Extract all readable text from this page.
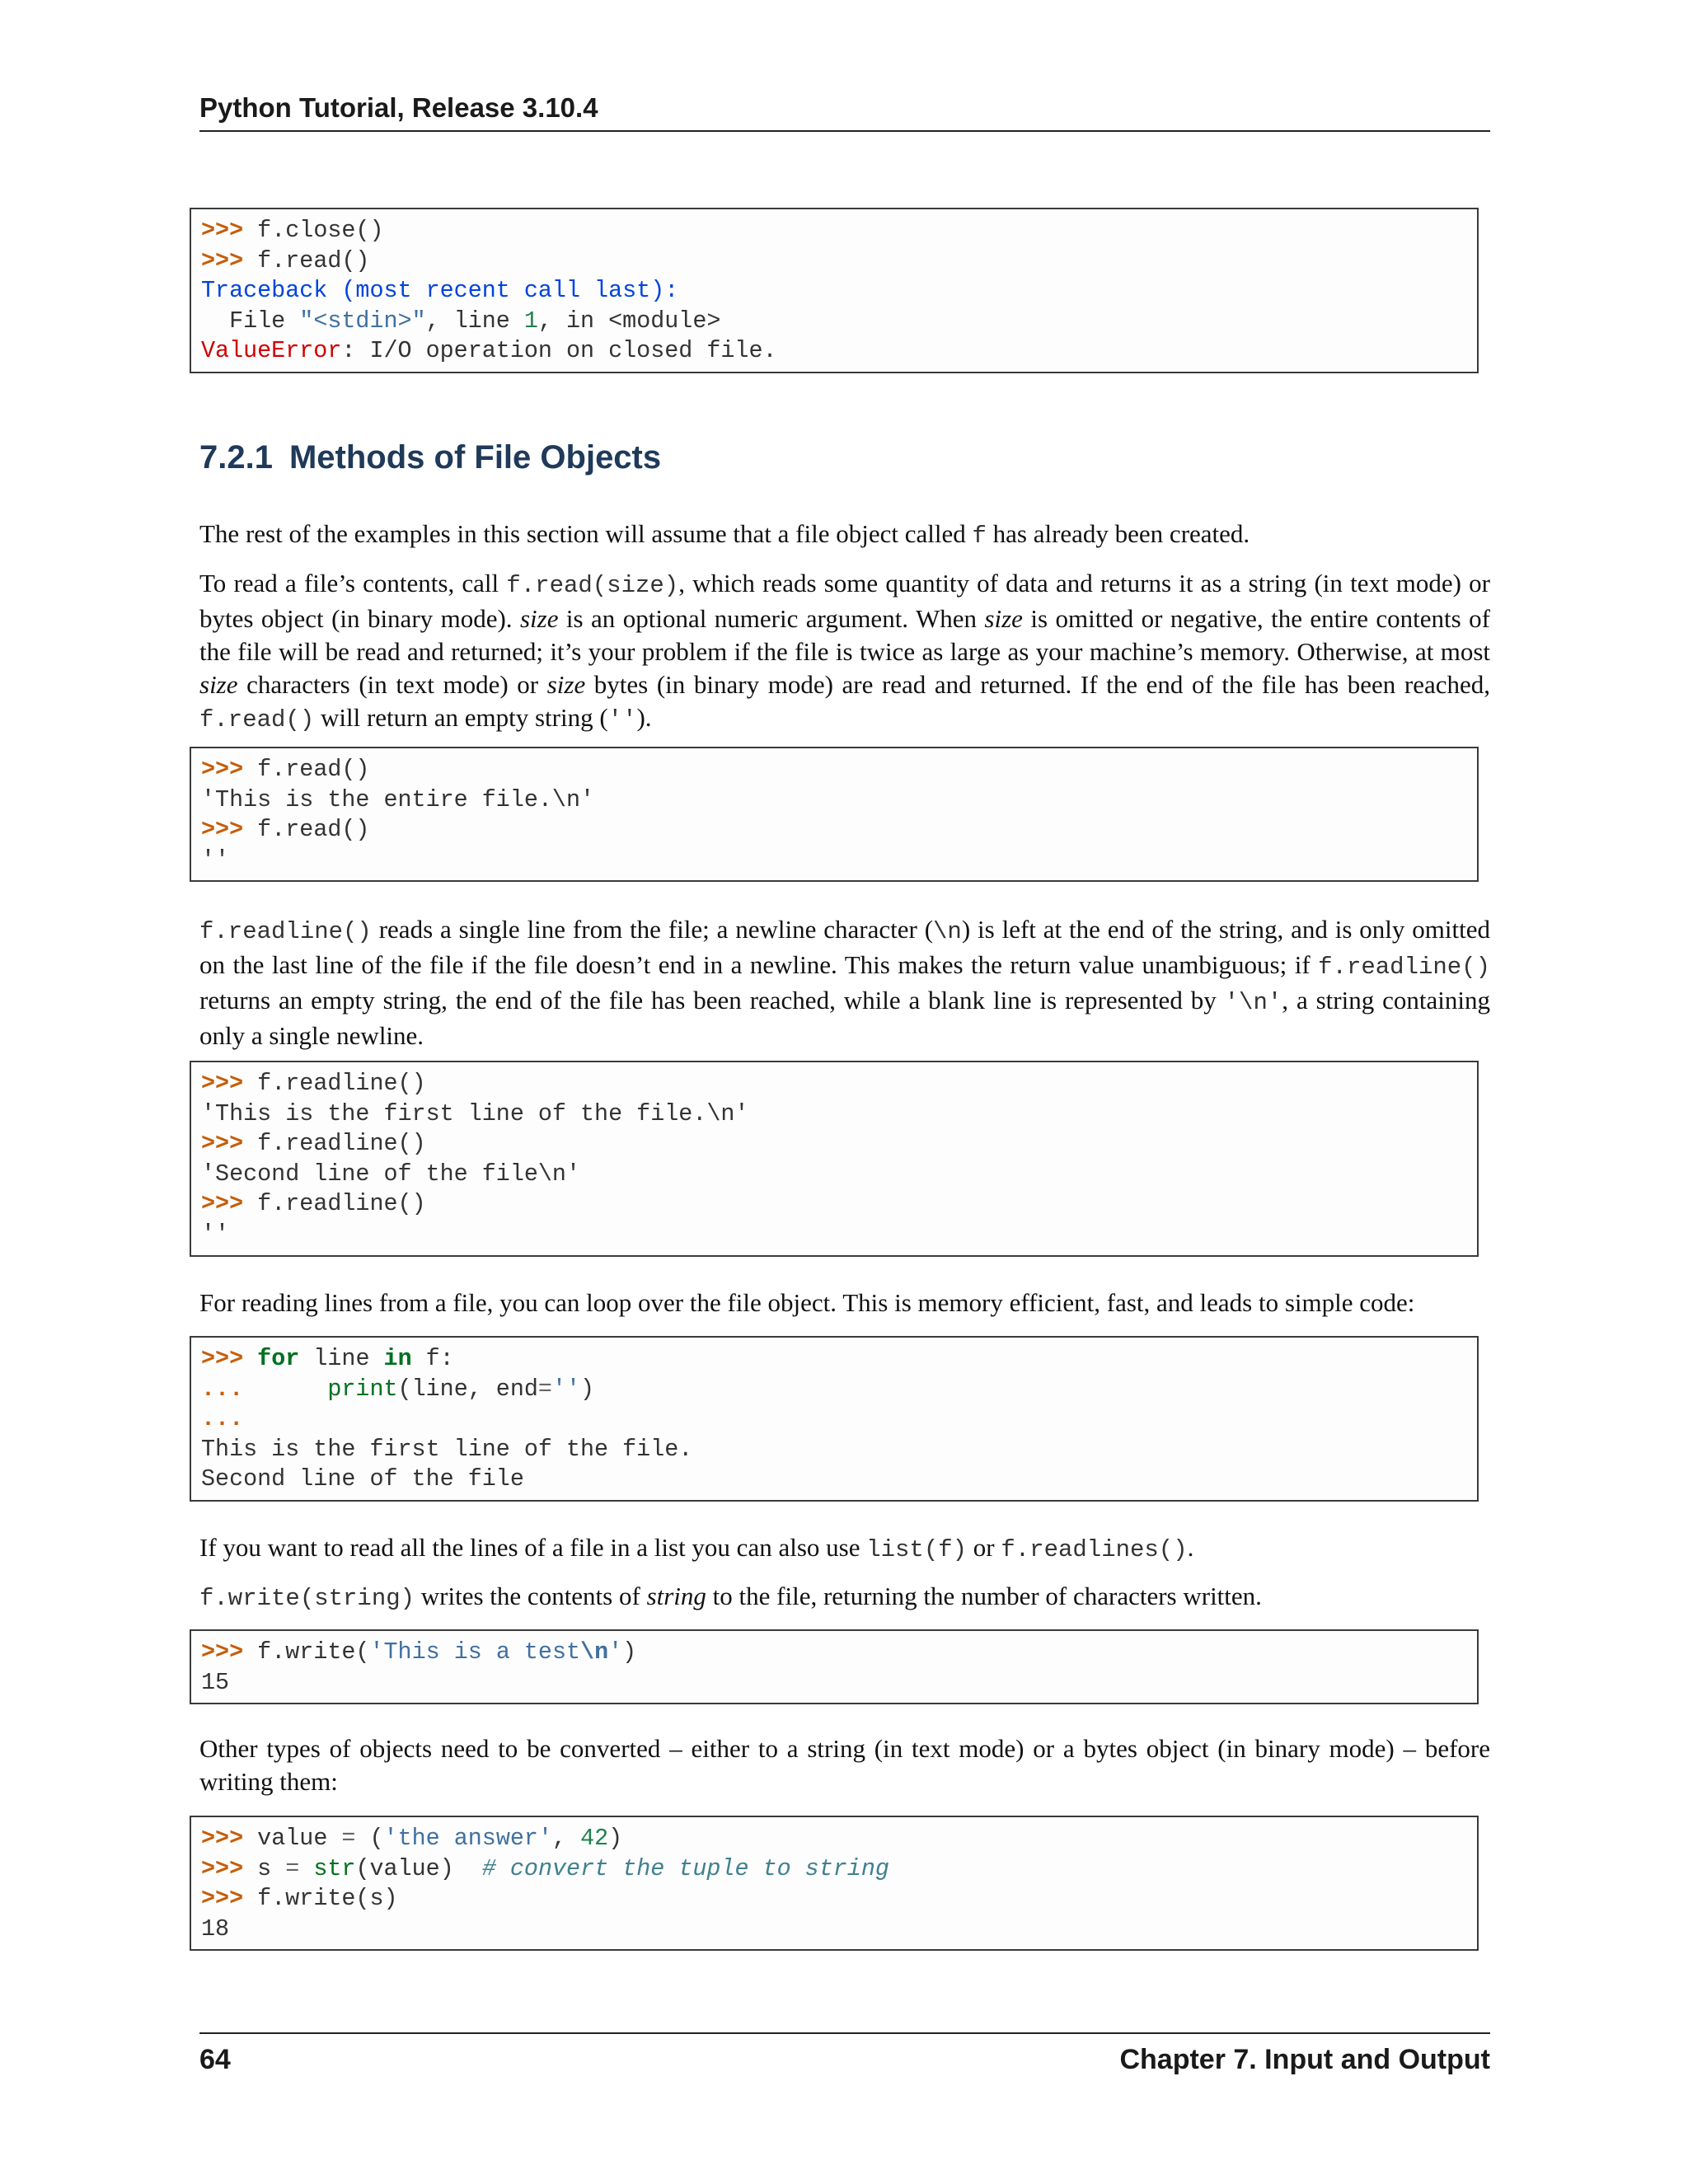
Python Tutorial, Release 3.10.4
>>> f.close()
>>> f.read()
Traceback (most recent call last):
File "<stdin>", line 1, in <module>
ValueError: I/O operation on closed file.
7.2.1 Methods of File Objects
The rest of the examples in this section will assume that a file object called f has already been created.
To read a file’s contents, call f.read(size), which reads some quantity of data and returns it as a string (in text mode) or bytes object (in binary mode). size is an optional numeric argument. When size is omitted or negative, the entire contents of the file will be read and returned; it’s your problem if the file is twice as large as your machine’s memory. Otherwise, at most size characters (in text mode) or size bytes (in binary mode) are read and returned. If the end of the file has been reached, f.read() will return an empty string ('').
>>> f.read()
'This is the entire file.\n'
>>> f.read()
''
f.readline() reads a single line from the file; a newline character (\n) is left at the end of the string, and is only omitted on the last line of the file if the file doesn’t end in a newline. This makes the return value unambiguous; if f.readline() returns an empty string, the end of the file has been reached, while a blank line is represented by '\n', a string containing only a single newline.
>>> f.readline()
'This is the first line of the file.\n'
>>> f.readline()
'Second line of the file\n'
>>> f.readline()
''
For reading lines from a file, you can loop over the file object. This is memory efficient, fast, and leads to simple code:
>>> for line in f:
...	print(line, end='')
...
This is the first line of the file.
Second line of the file
If you want to read all the lines of a file in a list you can also use list(f) or f.readlines().
f.write(string) writes the contents of string to the file, returning the number of characters written.
>>> f.write('This is a test\n')
15
Other types of objects need to be converted – either to a string (in text mode) or a bytes object (in binary mode) – before writing them:
>>> value = ('the answer', 42)
>>> s = str(value)  # convert the tuple to string
>>> f.write(s)
18
64	Chapter 7. Input and Output
